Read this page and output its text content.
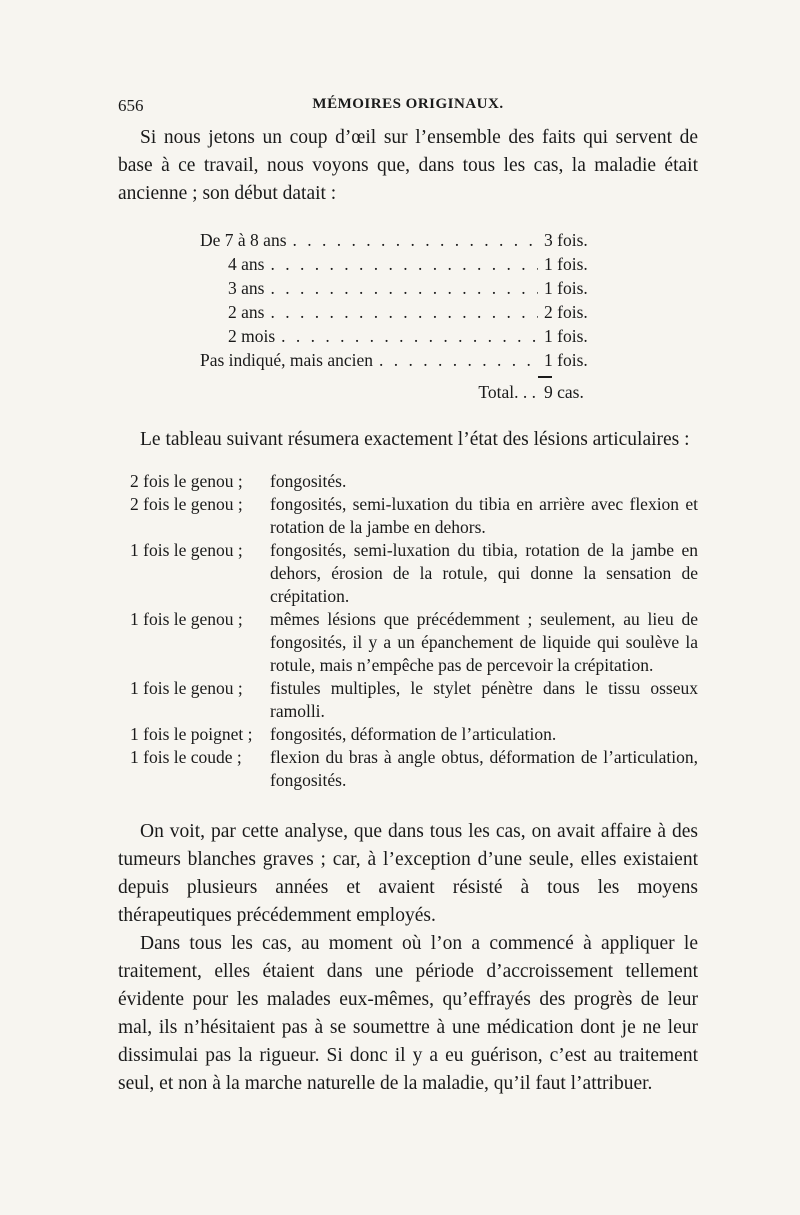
656	MÉMOIRES ORIGINAUX.

Si nous jetons un coup d’œil sur l’ensemble des faits qui servent de base à ce travail, nous voyons que, dans tous les cas, la maladie était ancienne ; son début datait :

De 7 à 8 ans . . .	3 fois.
4 ans . . .	1 fois.
3 ans . . .	1 fois.
2 ans . . .	2 fois.
2 mois . . .	1 fois.
Pas indiqué, mais ancien . . .	1 fois.
Total. . . 9 cas.

Le tableau suivant résumera exactement l’état des lésions articulaires :

2 fois le genou ;	fongosités.
2 fois le genou ;	fongosités, semi-luxation du tibia en arrière avec flexion et rotation de la jambe en dehors.
1 fois le genou ;	fongosités, semi-luxation du tibia, rotation de la jambe en dehors, érosion de la rotule, qui donne la sensation de crépitation.
1 fois le genou ;	mêmes lésions que précédemment ; seulement, au lieu de fongosités, il y a un épanchement de liquide qui soulève la rotule, mais n’empêche pas de percevoir la crépitation.
1 fois le genou ;	fistules multiples, le stylet pénètre dans le tissu osseux ramolli.
1 fois le poignet ;	fongosités, déformation de l’articulation.
1 fois le coude ;	flexion du bras à angle obtus, déformation de l’articulation, fongosités.

On voit, par cette analyse, que dans tous les cas, on avait affaire à des tumeurs blanches graves ; car, à l’exception d’une seule, elles existaient depuis plusieurs années et avaient résisté à tous les moyens thérapeutiques précédemment employés.

Dans tous les cas, au moment où l’on a commencé à appliquer le traitement, elles étaient dans une période d’accroissement tellement évidente pour les malades eux-mêmes, qu’effrayés des progrès de leur mal, ils n’hésitaient pas à se soumettre à une médication dont je ne leur dissimulai pas la rigueur. Si donc il y a eu guérison, c’est au traitement seul, et non à la marche naturelle de la maladie, qu’il faut l’attribuer.
